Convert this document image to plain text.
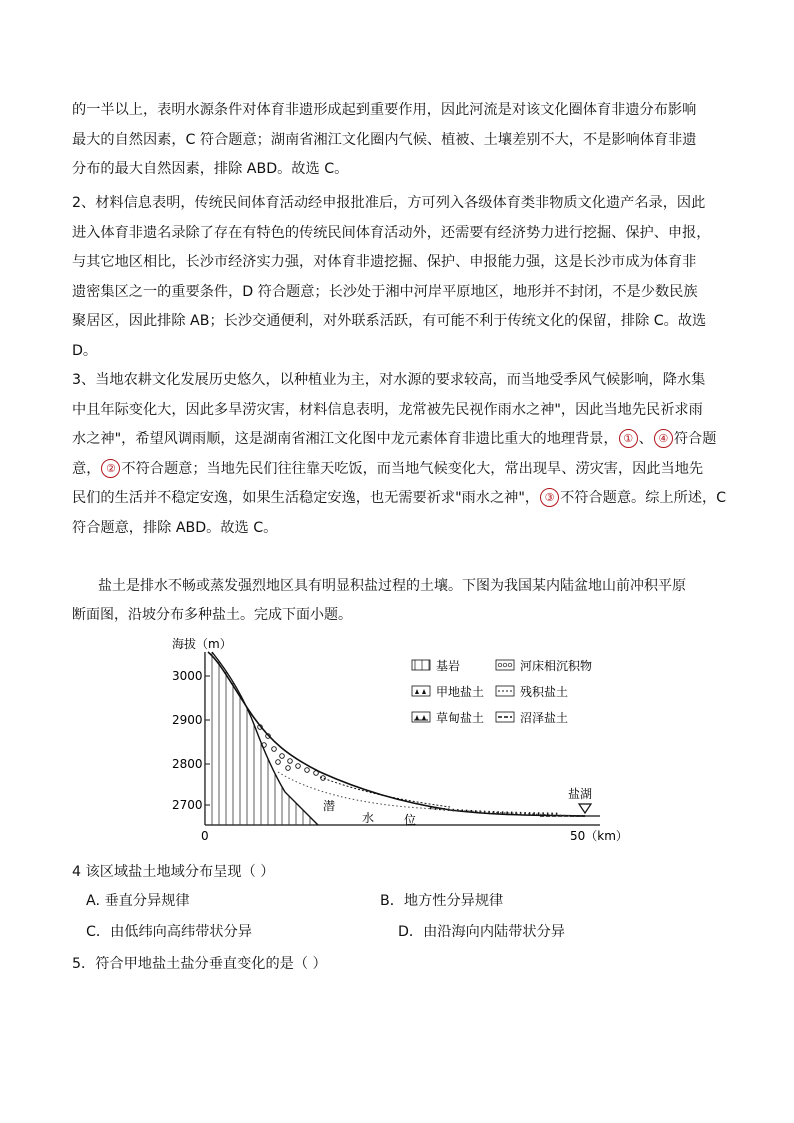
的一半以上，表明水源条件对体育非遗形成起到重要作用，因此河流是对该文化圈体育非遗分布影响
最大的自然因素，C 符合题意；湖南省湘江文化圈内气候、植被、土壤差别不大，不是影响体育非遗
分布的最大自然因素，排除 ABD。故选 C。
2、材料信息表明，传统民间体育活动经申报批准后，方可列入各级体育类非物质文化遗产名录，因此
进入体育非遗名录除了存在有特色的传统民间体育活动外，还需要有经济势力进行挖掘、保护、申报，
与其它地区相比，长沙市经济实力强，对体育非遗挖掘、保护、申报能力强，这是长沙市成为体育非
遗密集区之一的重要条件，D 符合题意；长沙处于湘中河岸平原地区，地形并不封闭，不是少数民族
聚居区，因此排除 AB；长沙交通便利，对外联系活跃，有可能不利于传统文化的保留，排除 C。故选
D。
3、当地农耕文化发展历史悠久，以种植业为主，对水源的要求较高，而当地受季风气候影响，降水集
中且年际变化大，因此多旱涝灾害，材料信息表明，龙常被先民视作雨水之神"，因此当地先民祈求雨
水之神"，希望风调雨顺，这是湖南省湘江文化图中龙元素体育非遗比重大的地理背景， ① 、 ④ 符合题
意， ② 不符合题意；当地先民们往往靠天吃饭，而当地气候变化大，常出现旱、涝灾害，因此当地先
民们的生活并不稳定安逸，如果生活稳定安逸，也无需要祈求"雨水之神"， ③ 不符合题意。综上所述，C
符合题意，排除 ABD。故选 C。
盐土是排水不畅或蒸发强烈地区具有明显积盐过程的土壤。下图为我国某内陆盆地山前冲积平原
断面图，沿坡分布多种盐土。完成下面小题。
海拔（m）
3000
2900
2800
2700
0	50（km）
潜
水 位
盐湖
基岩	河床相沉积物
甲地盐土	残积盐土
草甸盐土	沼泽盐土
4 该区域盐土地域分布呈现（ ）
A. 垂直分异规律	B．地方性分异规律
C．由低纬向高纬带状分异	D．由沿海向内陆带状分异
5．符合甲地盐土盐分垂直变化的是（ ）
